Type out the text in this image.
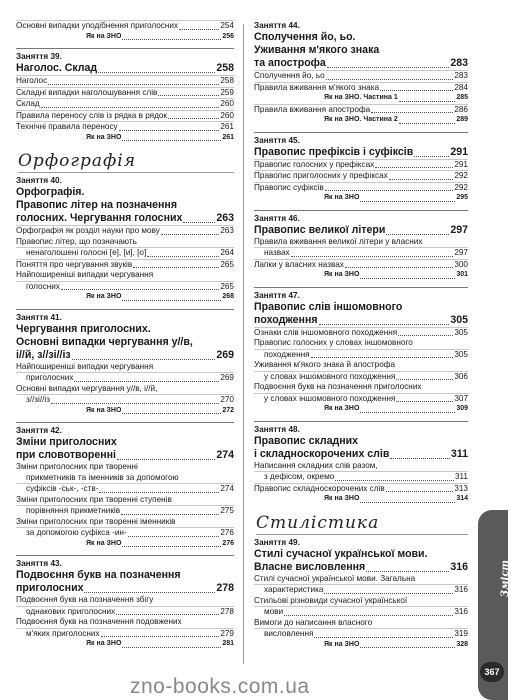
Основні випадки уподібнення приголосних	254
Як на ЗНО	256
Заняття 39.
Наголос. Склад	258
Наголос	258
Складні випадки наголошування слів	259
Склад	260
Правила переносу слів із рядка в рядок	260
Технічні правила переносу	261
Як на ЗНО	261
Орфографія
Заняття 40.
Орфографія.
Правопис літер на позначення
голосних. Чергування голосних	263
Орфографія як розділ науки про мову	263
Правопис літер, що позначають
ненаголошені голосні [е], [и], [о]	264
Поняття про чергування звуків	265
Найпоширеніші випадки чергування
голосних	265
Як на ЗНО	268
Заняття 41.
Чергування приголосних.
Основні випадки чергування у//в,
і//й, з//зі//із	269
Найпоширеніші випадки чергування
приголосних	269
Основні випадки чергування у//в, і//й,
з//зі//із	270
Як на ЗНО	272
Заняття 42.
Зміни приголосних
при словотворенні	274
Зміни приголосних при творенні
прикметників та іменників за допомогою
суфіксів -ськ-, -ств-	274
Зміни приголосних при творенні ступенів
порівняння прикметників	275
Зміни приголосних при творенні іменників
за допомогою суфікса -ин-	276
Як на ЗНО	276
Заняття 43.
Подвоєння букв на позначення
приголосних	278
Подвоєння букв на позначення збігу
однакових приголосних	278
Подвоєння букв на позначення подовжених
м'яких приголосних	279
Як на ЗНО	281
Заняття 44.
Сполучення йо, ьо.
Уживання м'якого знака
та апострофа	283
Сполучення йо, ьо	283
Правила вживання м'якого знака	284
Як на ЗНО. Частина 1	285
Правила вживання апострофа	286
Як на ЗНО. Частина 2	289
Заняття 45.
Правопис префіксів і суфіксів	291
Правопис голосних у префіксах	291
Правопис приголосних у префіксах	292
Правопис суфіксів	292
Як на ЗНО	295
Заняття 46.
Правопис великої літери	297
Правила вживання великої літери у власних
назвах	297
Лапки у власних назвах	300
Як на ЗНО	301
Заняття 47.
Правопис слів іншомовного
походження	305
Ознаки слів іншомовного походження	305
Правопис голосних у словах іншомовного
походження	305
Уживання м'якого знака й апострофа
у словах іншомовного походження	306
Подвоєння букв на позначення приголосних
у словах іншомовного походження	307
Як на ЗНО	309
Заняття 48.
Правопис складних
і складноскорочених слів	311
Написання складних слів разом,
з дефісом, окремо	311
Правопис складноскорочених слів	313
Як на ЗНО	314
Стилістика
Заняття 49.
Стилі сучасної української мови.
Власне висловлення	316
Стилі сучасної української мови. Загальна
характеристика	316
Стильові різновиди сучасної української
мови	316
Вимоги до написання власного
висловлення	319
Як на ЗНО	328
Зміст
367
zno-books.com.ua
